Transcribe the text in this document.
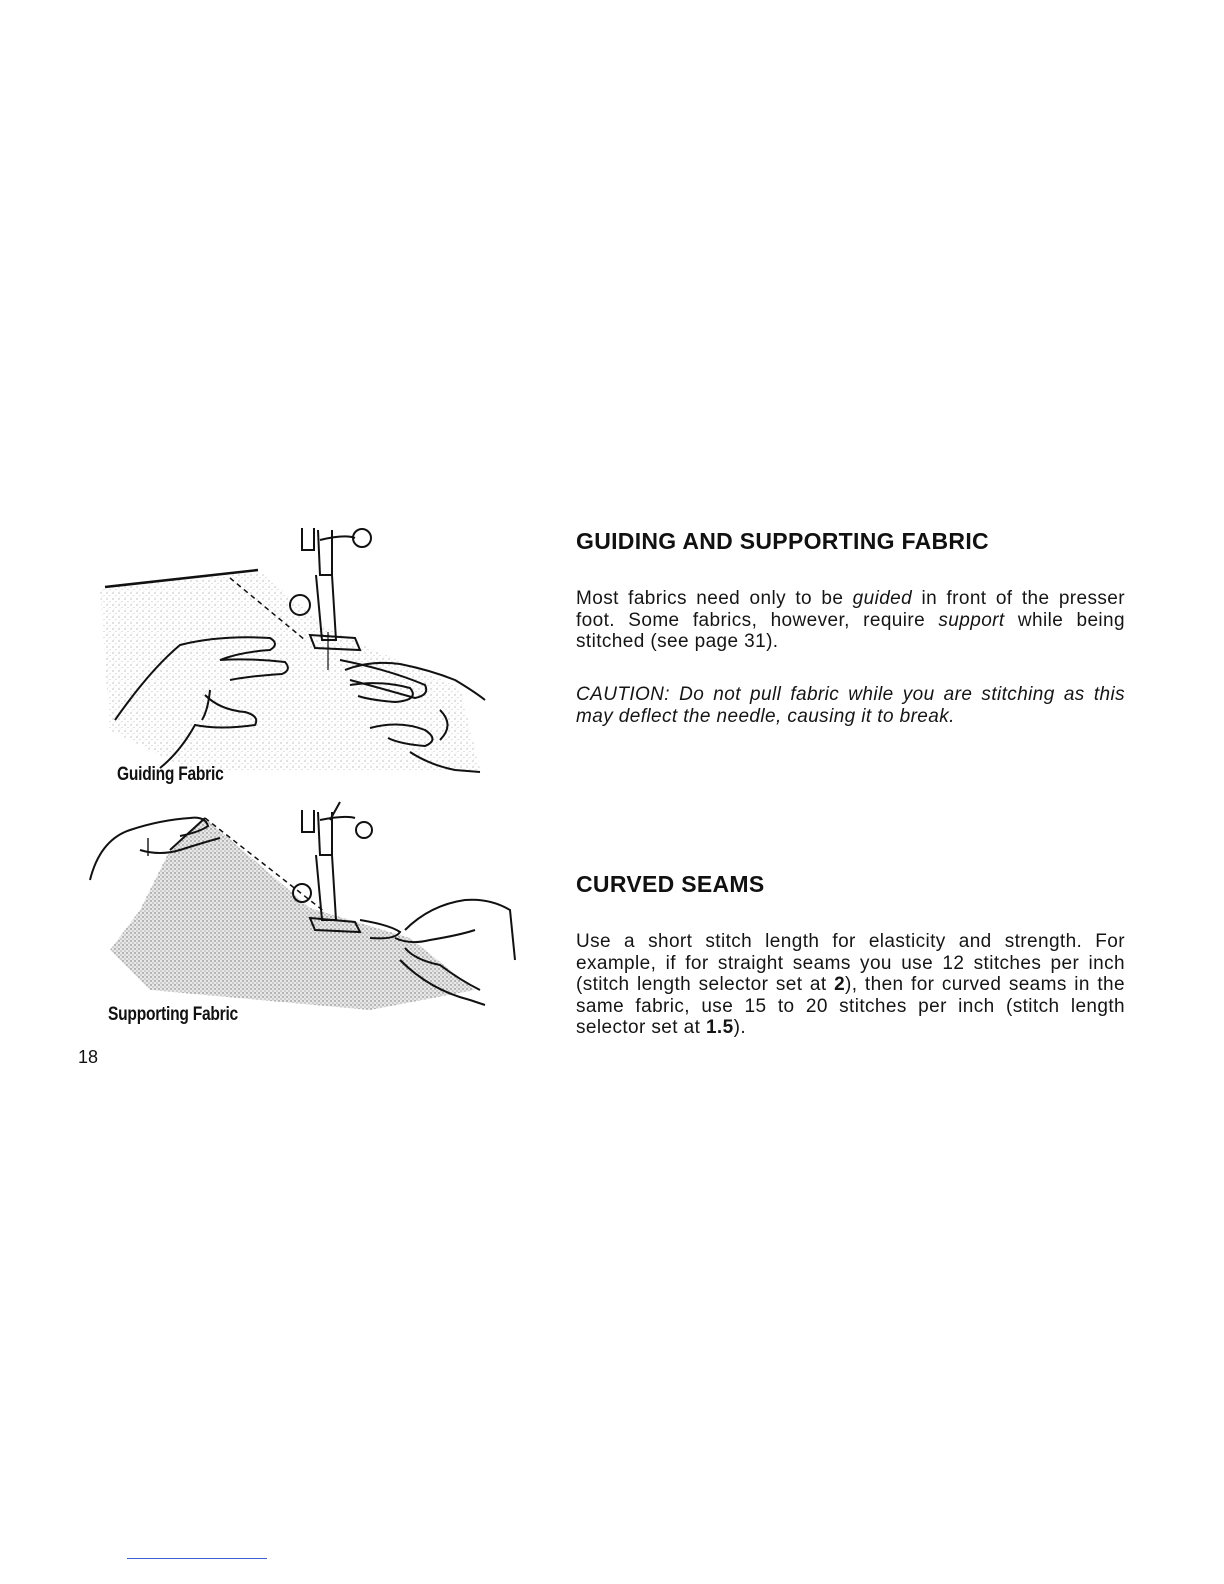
Guiding Fabric
Supporting Fabric
18
GUIDING AND SUPPORTING FABRIC

Most fabrics need only to be guided in front of the presser foot. Some fabrics, however, require support while being stitched (see page 31).

CAUTION: Do not pull fabric while you are stitching as this may deflect the needle, causing it to break.

CURVED SEAMS

Use a short stitch length for elasticity and strength. For example, if for straight seams you use 12 stitches per inch (stitch length selector set at 2), then for curved seams in the same fabric, use 15 to 20 stitches per inch (stitch length selector set at 1.5).
